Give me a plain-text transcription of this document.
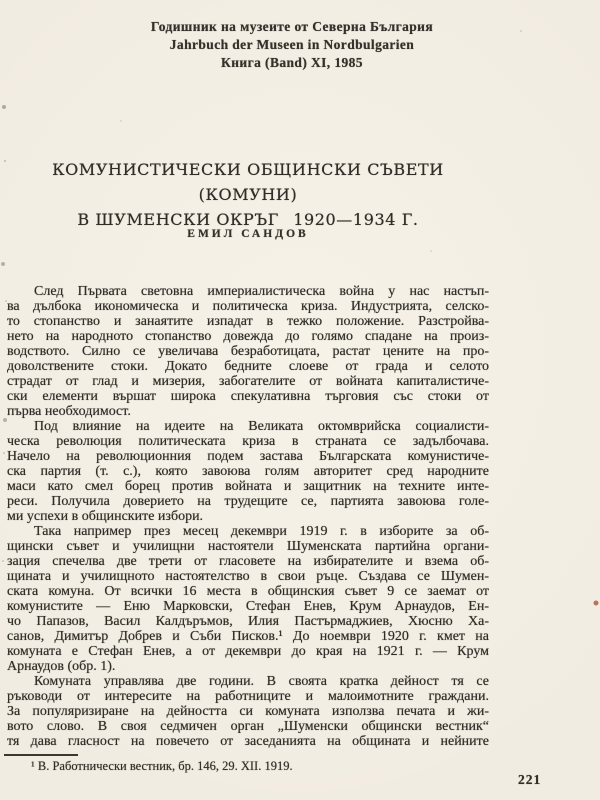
Годишник на музеите от Северна България
Jahrbuch der Museen in Nordbulgarien
Книга (Band) XI, 1985
КОМУНИСТИЧЕСКИ ОБЩИНСКИ СЪВЕТИ (КОМУНИ)
В ШУМЕНСКИ ОКРЪГ  1920—1934 Г.
ЕМИЛ САНДОВ
След Първата световна империалистическа война у нас настъп-
ва дълбока икономическа и политическа криза. Индустрията, селско-
то стопанство и занаятите изпадат в тежко положение. Разстройва-
нето на народното стопанство довежда до голямо спадане на произ-
водството. Силно се увеличава безработицата, растат цените на про-
доволствените стоки. Докато бедните слоеве от града и селото
страдат от глад и мизерия, забогателите от войната капиталистиче-
ски елементи вършат широка спекулативна търговия със стоки от
първа необходимост.
Под влияние на идеите на Великата октомврийска социалисти-
ческа революция политическата криза в страната се задълбочава.
Начело на революционния подем застава Българската комунистиче-
ска партия (т. с.), която завоюва голям авторитет сред народните
маси като смел борец против войната и защитник на техните инте-
реси. Получила доверието на трудещите се, партията завоюва голе-
ми успехи в общинските избори.
Така например през месец декември 1919 г. в изборите за об-
щински съвет и училищни настоятели Шуменската партийна органи-
зация спечелва две трети от гласовете на избирателите и взема об-
щината и училищното настоятелство в свои ръце. Създава се Шумен-
ската комуна. От всички 16 места в общинския съвет 9 се заемат от
комунистите — Еню Марковски, Стефан Енев, Крум Арнаудов, Ен-
чо Папазов, Васил Калдъръмов, Илия Пастърмаджиев, Хюсню Ха-
санов, Димитър Добрев и Съби Писков.¹ До ноември 1920 г. кмет на
комуната е Стефан Енев, а от декември до края на 1921 г. — Крум
Арнаудов (обр. 1).
Комуната управлява две години. В своята кратка дейност тя се
ръководи от интересите на работниците и малоимотните граждани.
За популяризиране на дейността си комуната използва печата и жи-
вото слово. В своя седмичен орган „Шуменски общински вестник“
тя дава гласност на повечето от заседанията на общината и нейните
¹ В. Работнически вестник, бр. 146, 29. XII. 1919.
221
